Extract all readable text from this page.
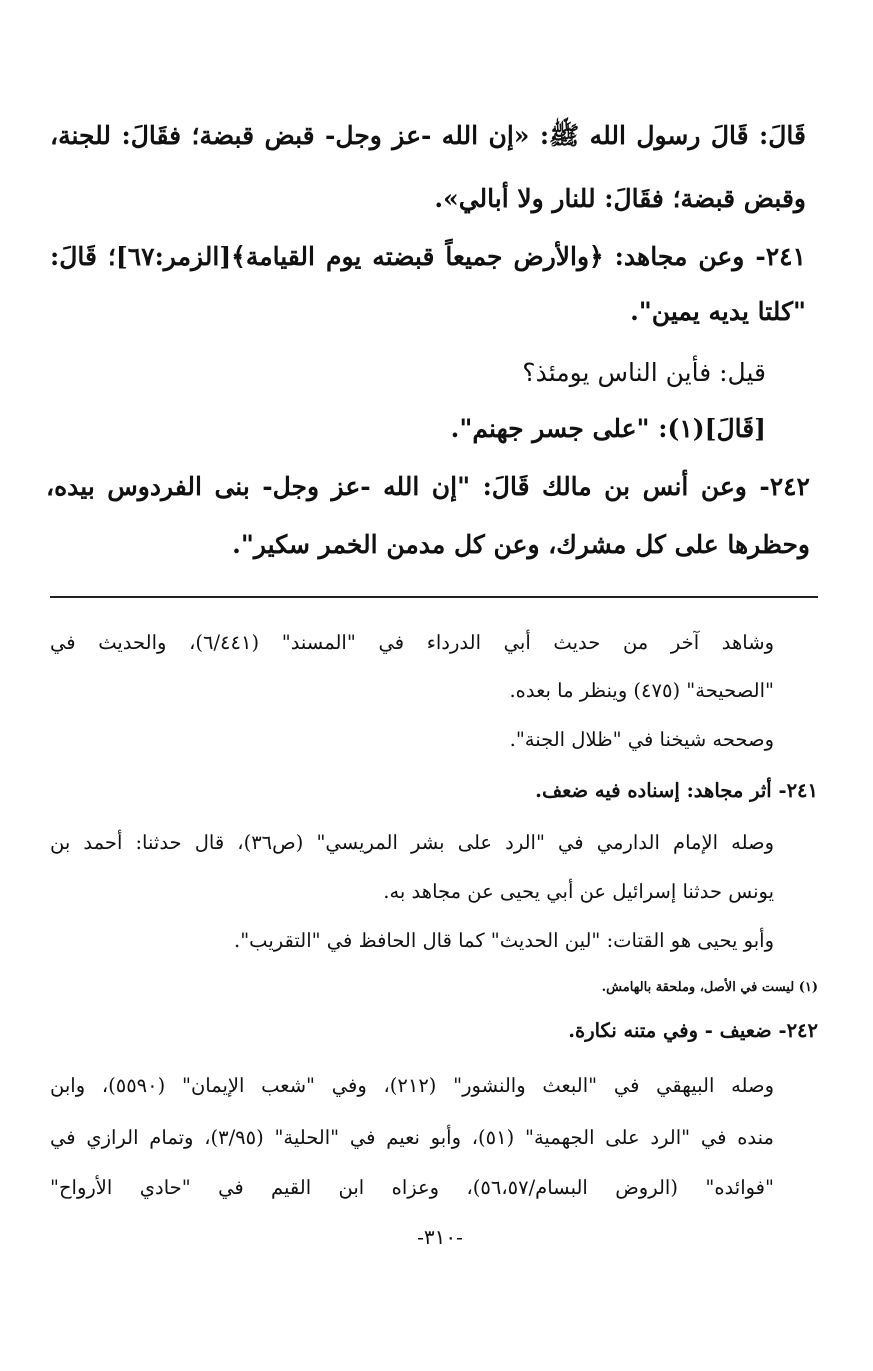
قَالَ: قَالَ رسول الله ﷺ: «إن الله -عز وجل- قبض قبضة؛ فقَالَ: للجنة،
وقبض قبضة؛ فقَالَ: للنار ولا أبالي».
٢٤١- وعن مجاهد: ﴿والأرض جميعاً قبضته يوم القيامة﴾[الزمر:٦٧]؛ قَالَ:
"كلتا يديه يمين".
قيل: فأين الناس يومئذ؟
[قَالَ](١): "على جسر جهنم".
٢٤٢- وعن أنس بن مالك قَالَ: "إن الله -عز وجل- بنى الفردوس بيده،
وحظرها على كل مشرك، وعن كل مدمن الخمر سكير".
وشاهد آخر من حديث أبي الدرداء في "المسند" (٦/٤٤١)، والحديث في
"الصحيحة" (٤٧٥) وينظر ما بعده.
وصححه شيخنا في "ظلال الجنة".
٢٤١- أثر مجاهد: إسناده فيه ضعف.
وصله الإمام الدارمي في "الرد على بشر المريسي" (ص٣٦)، قال حدثنا: أحمد بن
يونس حدثنا إسرائيل عن أبي يحيى عن مجاهد به.
وأبو يحيى هو القتات: "لين الحديث" كما قال الحافظ في "التقريب".
(١) ليست في الأصل، وملحقة بالهامش.
٢٤٢- ضعيف - وفي متنه نكارة.
وصله البيهقي في "البعث والنشور" (٢١٢)، وفي "شعب الإيمان" (٥٥٩٠)، وابن
منده في "الرد على الجهمية" (٥١)، وأبو نعيم في "الحلية" (٣/٩٥)، وتمام الرازي في
"فوائده" (الروض البسام/٥٦،٥٧)، وعزاه ابن القيم في "حادي الأرواح"
-٣١٠-
